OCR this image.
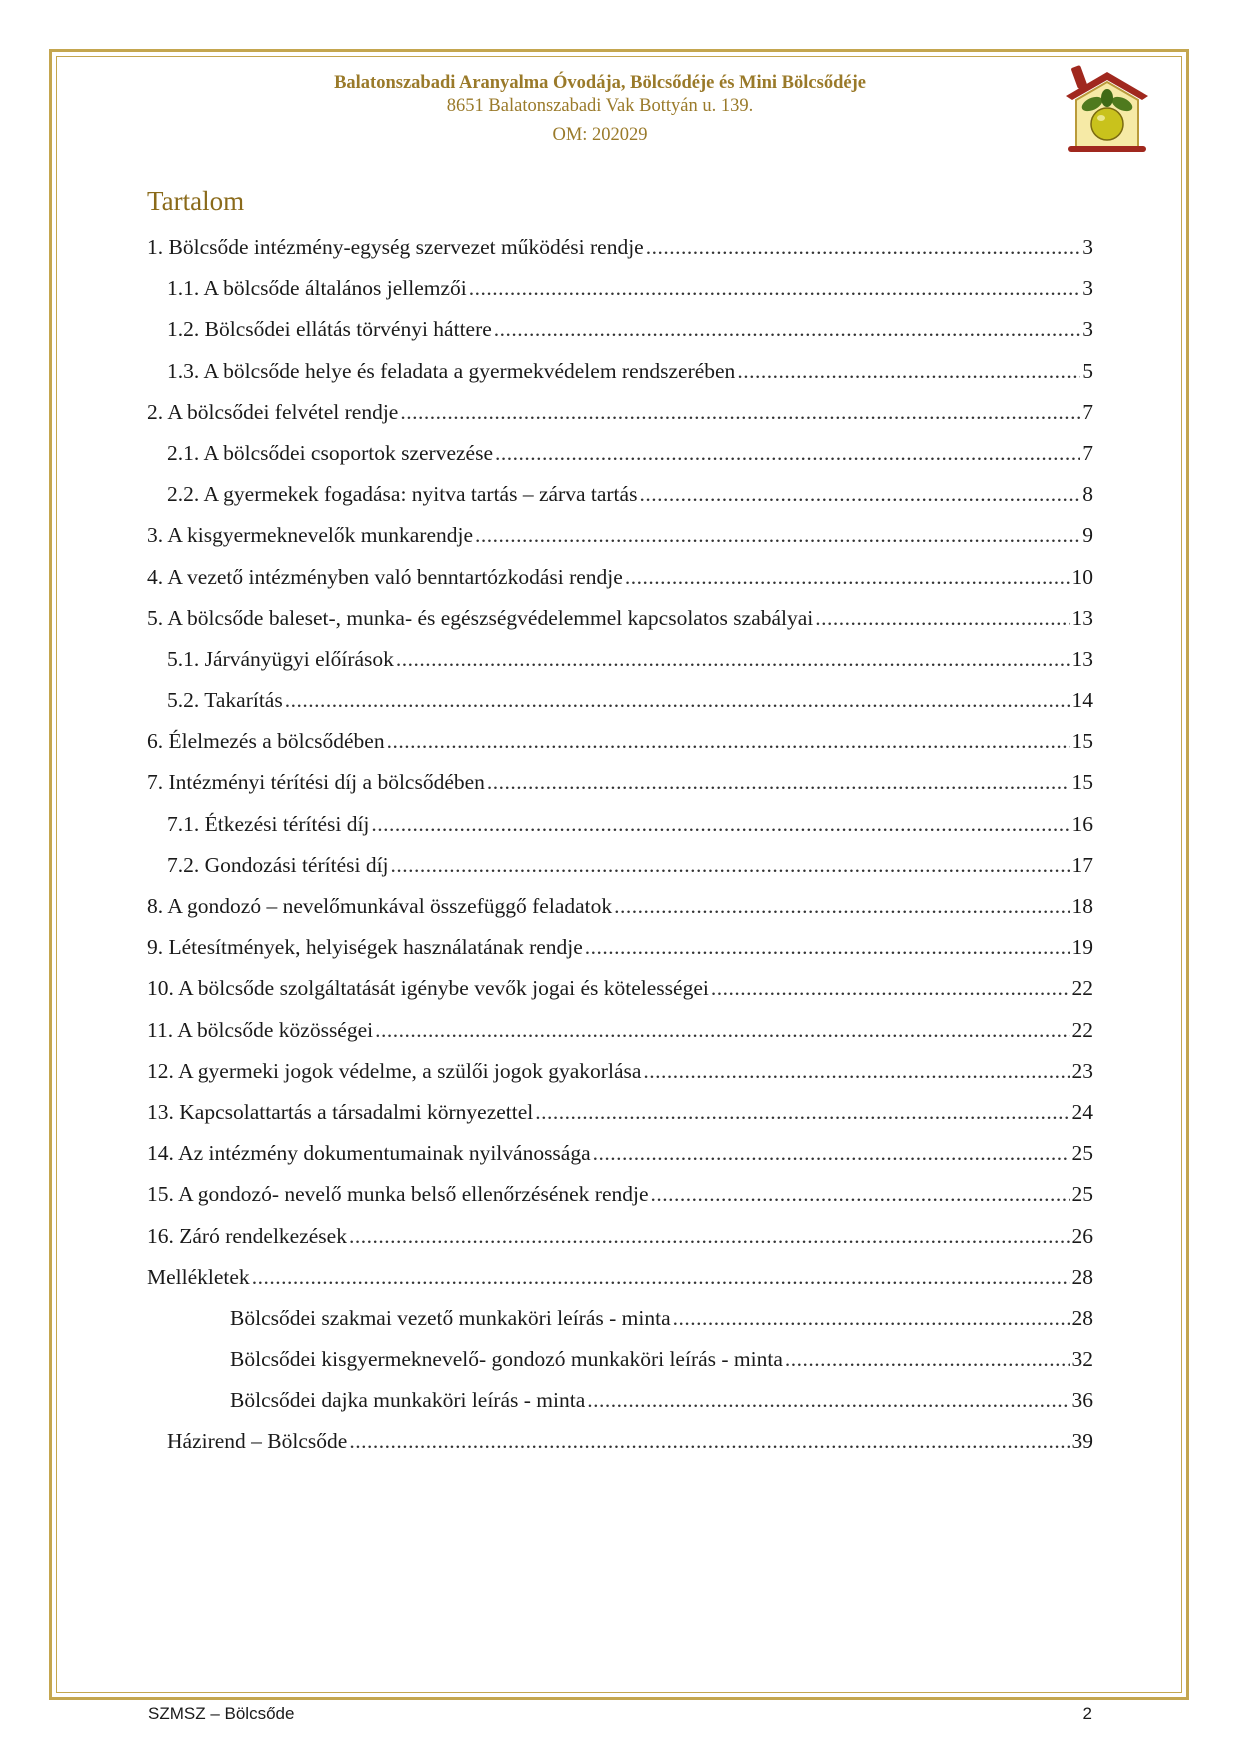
Balatonszabadi Aranyalma Óvodája, Bölcsődéje és Mini Bölcsődéje
8651 Balatonszabadi Vak Bottyán u. 139.
OM: 202029
Tartalom
1. Bölcsőde intézmény-egység szervezet működési rendje .....	3
1.1. A bölcsőde általános jellemzői .....	3
1.2. Bölcsődei ellátás törvényi háttere .....	3
1.3. A bölcsőde helye és feladata a gyermekvédelem rendszerében .....	5
2. A bölcsődei felvétel rendje .....	7
2.1. A bölcsődei csoportok szervezése .....	7
2.2. A gyermekek fogadása: nyitva tartás – zárva tartás .....	8
3. A kisgyermeknevelők munkarendje .....	9
4. A vezető intézményben való benntartózkodási rendje .....	10
5. A bölcsőde baleset-, munka- és egészségvédelemmel kapcsolatos szabályai .....	13
5.1. Járványügyi előírások .....	13
5.2. Takarítás .....	14
6. Élelmezés a bölcsődében .....	15
7. Intézményi térítési díj a bölcsődében .....	15
7.1. Étkezési térítési díj .....	16
7.2. Gondozási térítési díj .....	17
8. A gondozó – nevelőmunkával összefüggő feladatok .....	18
9. Létesítmények, helyiségek használatának rendje .....	19
10. A bölcsőde szolgáltatását igénybe vevők jogai és kötelességei .....	22
11. A bölcsőde közösségei .....	22
12. A gyermeki jogok védelme, a szülői jogok gyakorlása .....	23
13. Kapcsolattartás a társadalmi környezettel .....	24
14. Az intézmény dokumentumainak nyilvánossága .....	25
15. A gondozó- nevelő munka belső ellenőrzésének rendje .....	25
16. Záró rendelkezések .....	26
Mellékletek .....	28
Bölcsődei szakmai vezető munkaköri leírás - minta .....	28
Bölcsődei kisgyermeknevelő- gondozó munkaköri leírás - minta .....	32
Bölcsődei dajka munkaköri leírás - minta .....	36
Házirend – Bölcsőde .....	39
SZMSZ – Bölcsőde	2
